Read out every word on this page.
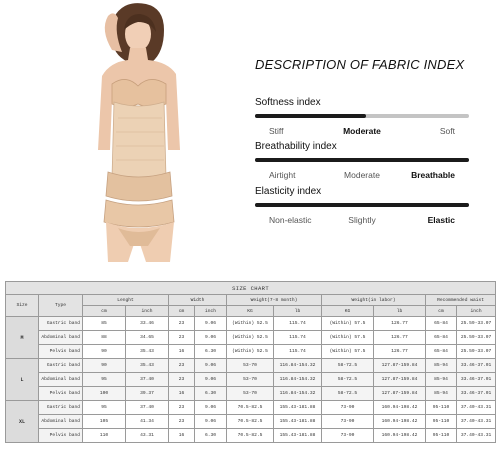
DESCRIPTION OF FABRIC INDEX
Softness index
Stiff	Moderate	Soft
Breathability index
Airtight	Moderate	Breathable
Elasticity index
Non-elastic	Slightly	Elastic
SIZE CHART											
Size	Type	Lenght		Width		Weight(7-8 month)		Weight(in labor)		Recommended waist	
		cm	inch	cm	inch	KG	lb	KG	lb	cm	inch
M	Gastric band	85	33.46	23	9.06	(Within) 52.5	115.74	(Within) 57.5	126.77	65-84	25.59-33.07
	Abdominal band	88	34.65	23	9.06	(Within) 52.5	115.74	(Within) 57.5	126.77	65-84	25.59-33.07
	Pelvis band	90	35.43	16	6.30	(Within) 52.5	115.74	(Within) 57.5	126.77	65-84	25.59-33.07
L	Gastric band	90	35.43	23	9.06	53-70	116.84-154.32	58-72.5	127.87-159.84	85-94	33.46-37.01
	Abdominal band	95	37.40	23	9.06	53-70	116.84-154.32	58-72.5	127.87-159.84	85-94	33.46-37.01
	Pelvis band	100	39.37	16	6.30	53-70	116.84-154.32	58-72.5	127.87-159.84	85-94	33.46-37.01
XL	Gastric band	95	37.40	23	9.06	70.5-82.5	155.43-181.88	73-90	160.94-198.42	95-110	37.40-43.31
	Abdominal band	105	41.34	23	9.06	70.5-82.5	155.43-181.88	73-90	160.94-198.42	95-110	37.40-43.31
	Pelvis band	110	43.31	16	6.30	70.5-82.5	155.43-181.88	73-90	160.94-198.42	95-110	37.40-43.31
